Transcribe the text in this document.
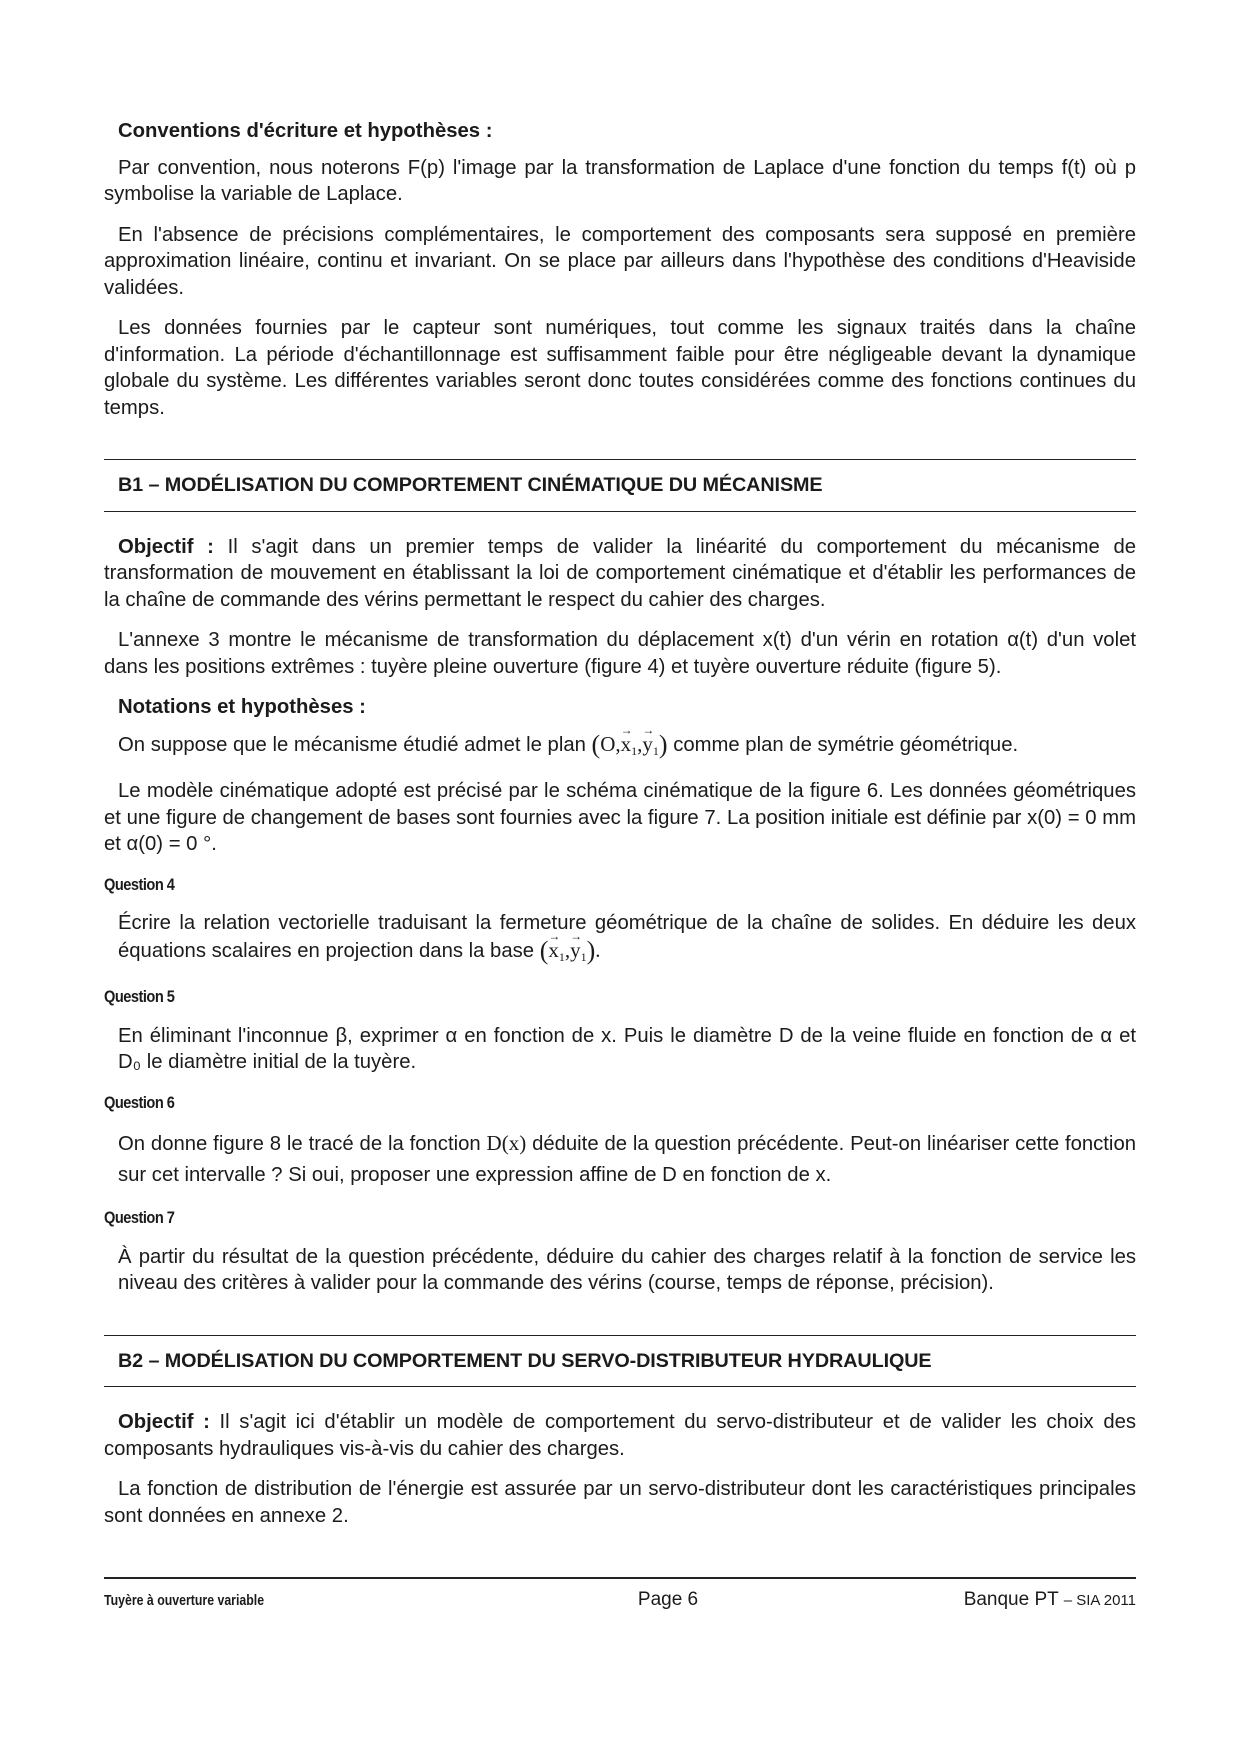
Conventions d'écriture et hypothèses :

Par convention, nous noterons F(p) l'image par la transformation de Laplace d'une fonction du temps f(t) où p symbolise la variable de Laplace.

En l'absence de précisions complémentaires, le comportement des composants sera supposé en première approximation linéaire, continu et invariant. On se place par ailleurs dans l'hypothèse des conditions d'Heaviside validées.

Les données fournies par le capteur sont numériques, tout comme les signaux traités dans la chaîne d'information. La période d'échantillonnage est suffisamment faible pour être négligeable devant la dynamique globale du système. Les différentes variables seront donc toutes considérées comme des fonctions continues du temps.

B1 – MODÉLISATION DU COMPORTEMENT CINÉMATIQUE DU MÉCANISME

Objectif : Il s'agit dans un premier temps de valider la linéarité du comportement du mécanisme de transformation de mouvement en établissant la loi de comportement cinématique et d'établir les performances de la chaîne de commande des vérins permettant le respect du cahier des charges.

L'annexe 3 montre le mécanisme de transformation du déplacement x(t) d'un vérin en rotation α(t) d'un volet dans les positions extrêmes : tuyère pleine ouverture (figure 4) et tuyère ouverture réduite (figure 5).

Notations et hypothèses :

On suppose que le mécanisme étudié admet le plan $(O,\to x_1,\to y_1)$ comme plan de symétrie géométrique.

Le modèle cinématique adopté est précisé par le schéma cinématique de la figure 6. Les données géométriques et une figure de changement de bases sont fournies avec la figure 7. La position initiale est définie par x(0) = 0 mm et α(0) = 0 °.

Question 4

Écrire la relation vectorielle traduisant la fermeture géométrique de la chaîne de solides. En déduire les deux équations scalaires en projection dans la base (→ $x_1,\to y_1$).

Question 5

En éliminant l'inconnue β, exprimer α en fonction de x. Puis le diamètre D de la veine fluide en fonction de α et D₀ le diamètre initial de la tuyère.

Question 6

On donne figure 8 le tracé de la fonction D(x) déduite de la question précédente. Peut-on linéariser cette fonction sur cet intervalle ? Si oui, proposer une expression affine de D en fonction de x.

Question 7

À partir du résultat de la question précédente, déduire du cahier des charges relatif à la fonction de service les niveau des critères à valider pour la commande des vérins (course, temps de réponse, précision).

B2 – MODÉLISATION DU COMPORTEMENT DU SERVO-DISTRIBUTEUR HYDRAULIQUE

Objectif : Il s'agit ici d'établir un modèle de comportement du servo-distributeur et de valider les choix des composants hydrauliques vis-à-vis du cahier des charges.

La fonction de distribution de l'énergie est assurée par un servo-distributeur dont les caractéristiques principales sont données en annexe 2.

Tuyère à ouverture variable	Page 6	Banque PT – SIA 2011
